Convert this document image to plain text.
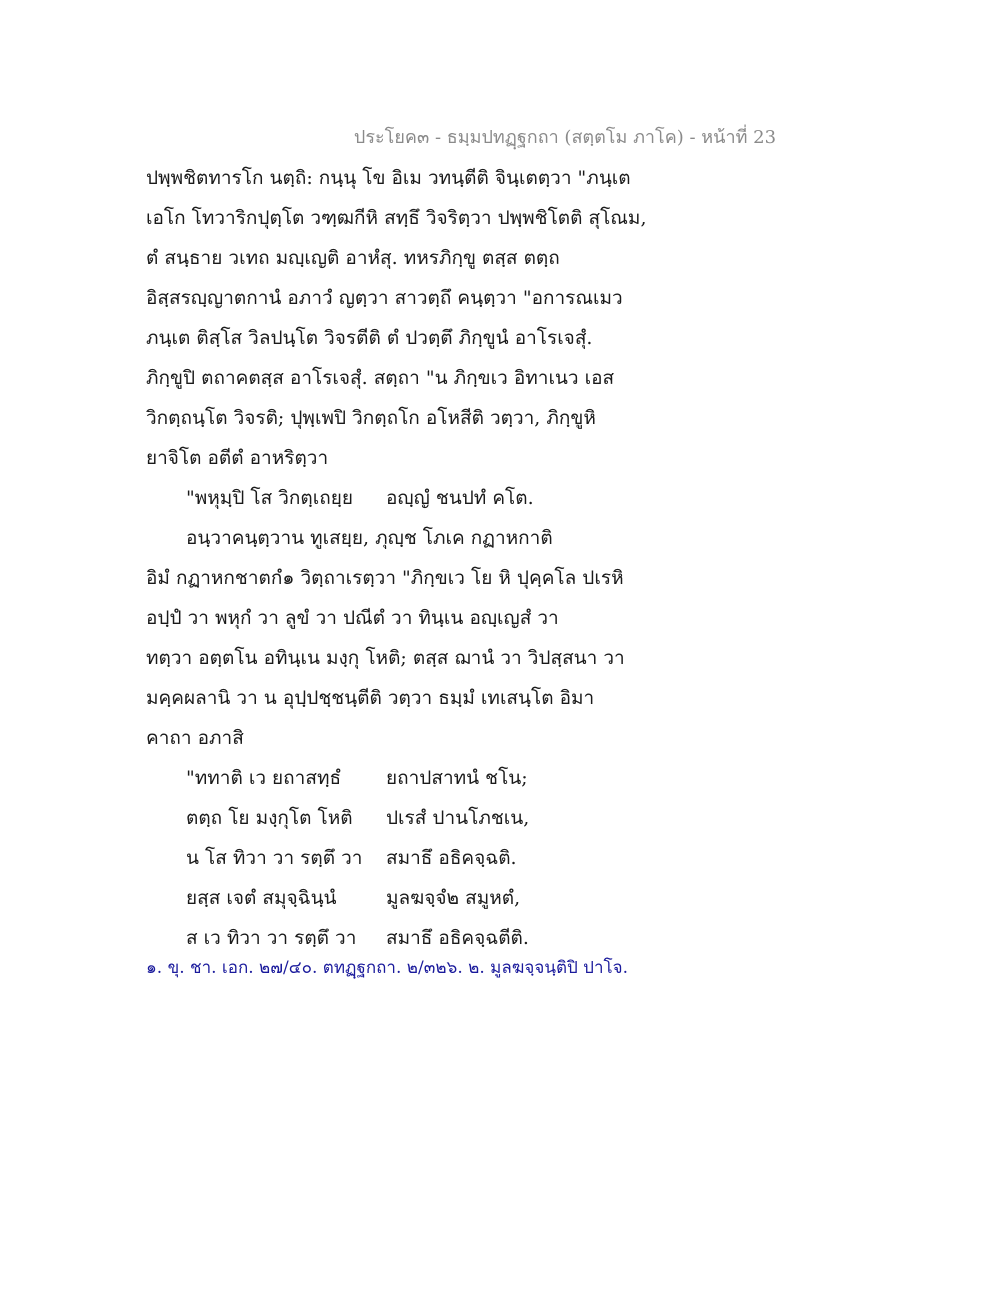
ประโยค๓ - ธมฺมปทฏฺฐกถา (สตฺตโม ภาโค) - หน้าที่ 23
ปพฺพชิตทารโก นตฺถิ: กนฺนุ โข อิเม วทนฺตีติ จินฺเตตฺวา "ภนฺเต
เอโก โทวาริกปุตฺโต วฑฺฒกีหิ สทฺธึ วิจริตฺวา ปพฺพชิโตติ สุโณม,
ตํ สนฺธาย วเทถ มญฺเญติ อาหํสุ. ทหรภิกฺขู ตสฺส ตตฺถ
อิสฺสรญฺญาตกานํ อภาวํ ญตฺวา สาวตฺถึ คนฺตฺวา "อการณเมว
ภนฺเต ติสฺโส วิลปนฺโต วิจรตีติ ตํ ปวตฺตึ ภิกฺขูนํ อาโรเจสุํ.
ภิกฺขูปิ ตถาคตสฺส อาโรเจสุํ. สตฺถา "น ภิกฺขเว อิทาเนว เอส
วิกตฺถนฺโต วิจรติ; ปุพฺเพปิ วิกตฺถโก อโหสีติ วตฺวา, ภิกฺขูหิ
ยาจิโต อตีตํ อาหริตฺวา
"พหุมฺปิ โส วิกตฺเถยฺย อญฺญํ ชนปทํ คโต.
อนฺวาคนฺตฺวาน ทูเสยฺย, ภุญฺช โภเค กฏาหกาติ
อิมํ กฏาหกชาตกํ๑ วิตฺถาเรตฺวา "ภิกฺขเว โย หิ ปุคฺคโล ปเรหิ
อปฺปํ วา พหุกํ วา ลูขํ วา ปณีตํ วา ทินฺเน อญฺเญสํ วา
ทตฺวา อตฺตโน อทินฺเน มงฺกุ โหติ; ตสฺส ฌานํ วา วิปสฺสนา วา
มคฺคผลานิ วา น อุปฺปชฺชนฺตีติ วตฺวา ธมฺมํ เทเสนฺโต อิมา
คาถา อภาสิ
"ททาติ เว ยถาสทฺธํ ยถาปสาทนํ ชโน;
ตตฺถ โย มงฺกุโต โหติ ปเรสํ ปานโภชเน,
น โส ทิวา วา รตฺตึ วา สมาธึ อธิคจฺฉติ.
ยสฺส เจตํ สมุจฺฉินฺนํ	มูลฆจฺจํ๒ สมูหตํ,
ส เว ทิวา วา รตฺตึ วา สมาธึ อธิคจฺฉตีติ.
๑. ขุ. ชา. เอก. ๒๗/๔๐. ตทฏฺฐกถา. ๒/๓๒๖. ๒. มูลฆจฺจนฺติปิ ปาโจ.
